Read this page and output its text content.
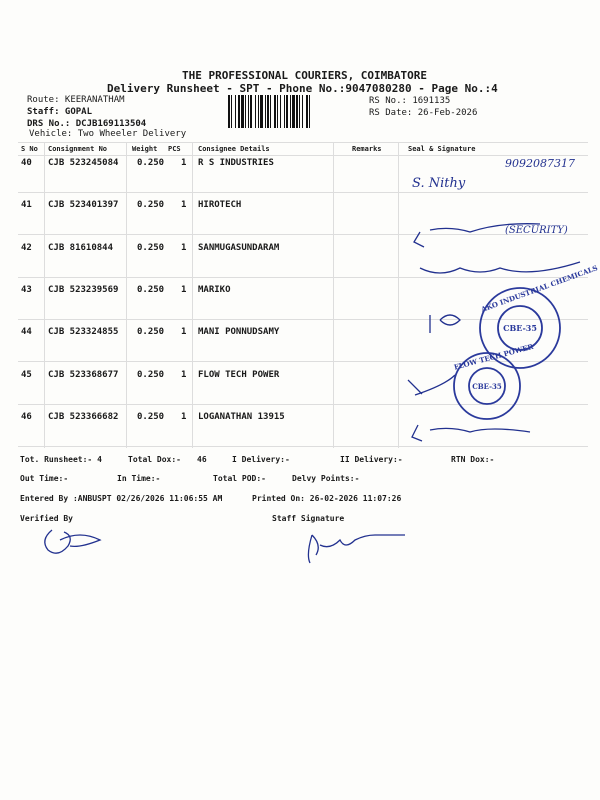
THE PROFESSIONAL COURIERS, COIMBATORE
Delivery Runsheet - SPT - Phone No.:9047080280 - Page No.:4
Route: KEERANATHAM
Staff: GOPAL
DRS No.: DCJB169113504
Vehicle: Two Wheeler Delivery
RS No.: 1691135
RS Date: 26-Feb-2026
S No Consignment No	Weight PCS Consignee Details	Remarks	Seal & Signature
40 CJB 523245084 0.250 1 R S INDUSTRIES
41 CJB 523401397 0.250 1 HIROTECH
42 CJB 81610844	0.250 1 SANMUGASUNDARAM
43 CJB 523239569 0.250 1 MARIKO
44 CJB 523324855 0.250 1 MANI PONNUDSAMY
45 CJB 523368677 0.250 1 FLOW TECH POWER
46 CJB 523366682 0.250 1 LOGANATHAN 13915
Tot. Runsheet:- 4	Total Dox:- 46	I Delivery:-	II Delivery:-	RTN Dox:-
Out Time:-	In Time:-	Total POD:-	Delvy Points:-
Entered By :ANBUSPT 02/26/2026 11:06:55 AM	Printed On: 26-02-2026 11:07:26
Verified By	Staff Signature
9092087317
S. Nithy
(SECURITY)
CBE-35
AKO INDUSTRIAL CHEMICALS
CBE-35
FLOW TECH POWER
